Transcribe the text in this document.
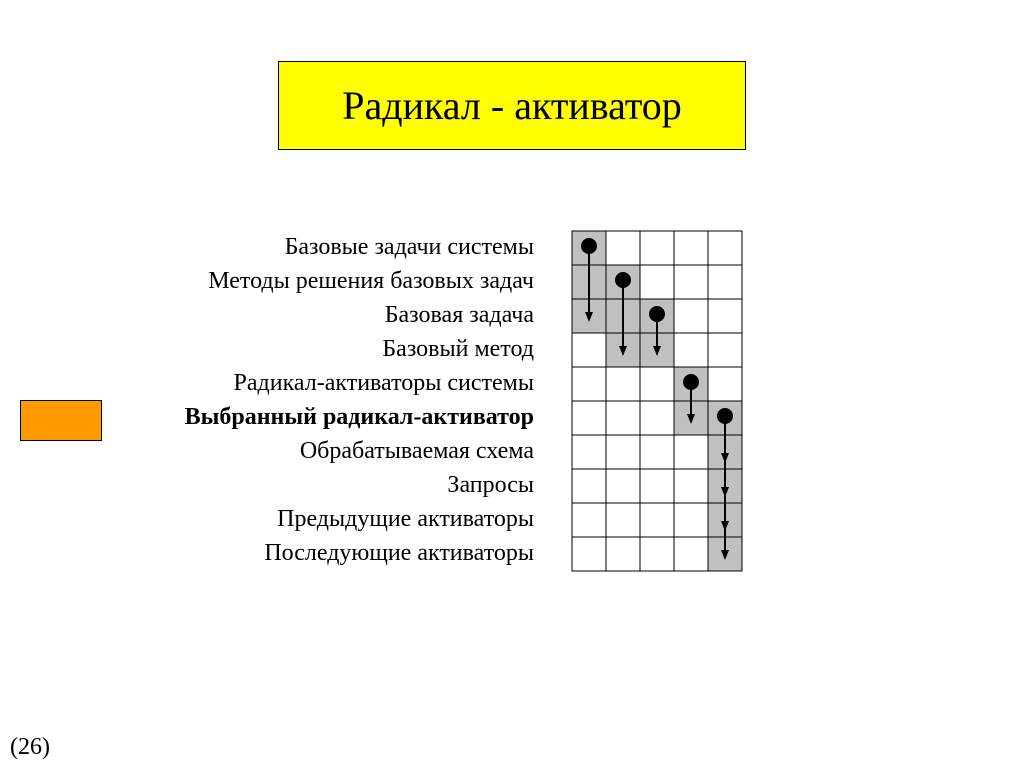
Радикал - активатор
Базовые задачи системы
Методы решения базовых задач
Базовая задача
Базовый метод
Радикал-активаторы системы
Выбранный радикал-активатор
Обрабатываемая схема
Запросы
Предыдущие активаторы
Последующие активаторы
(26)
